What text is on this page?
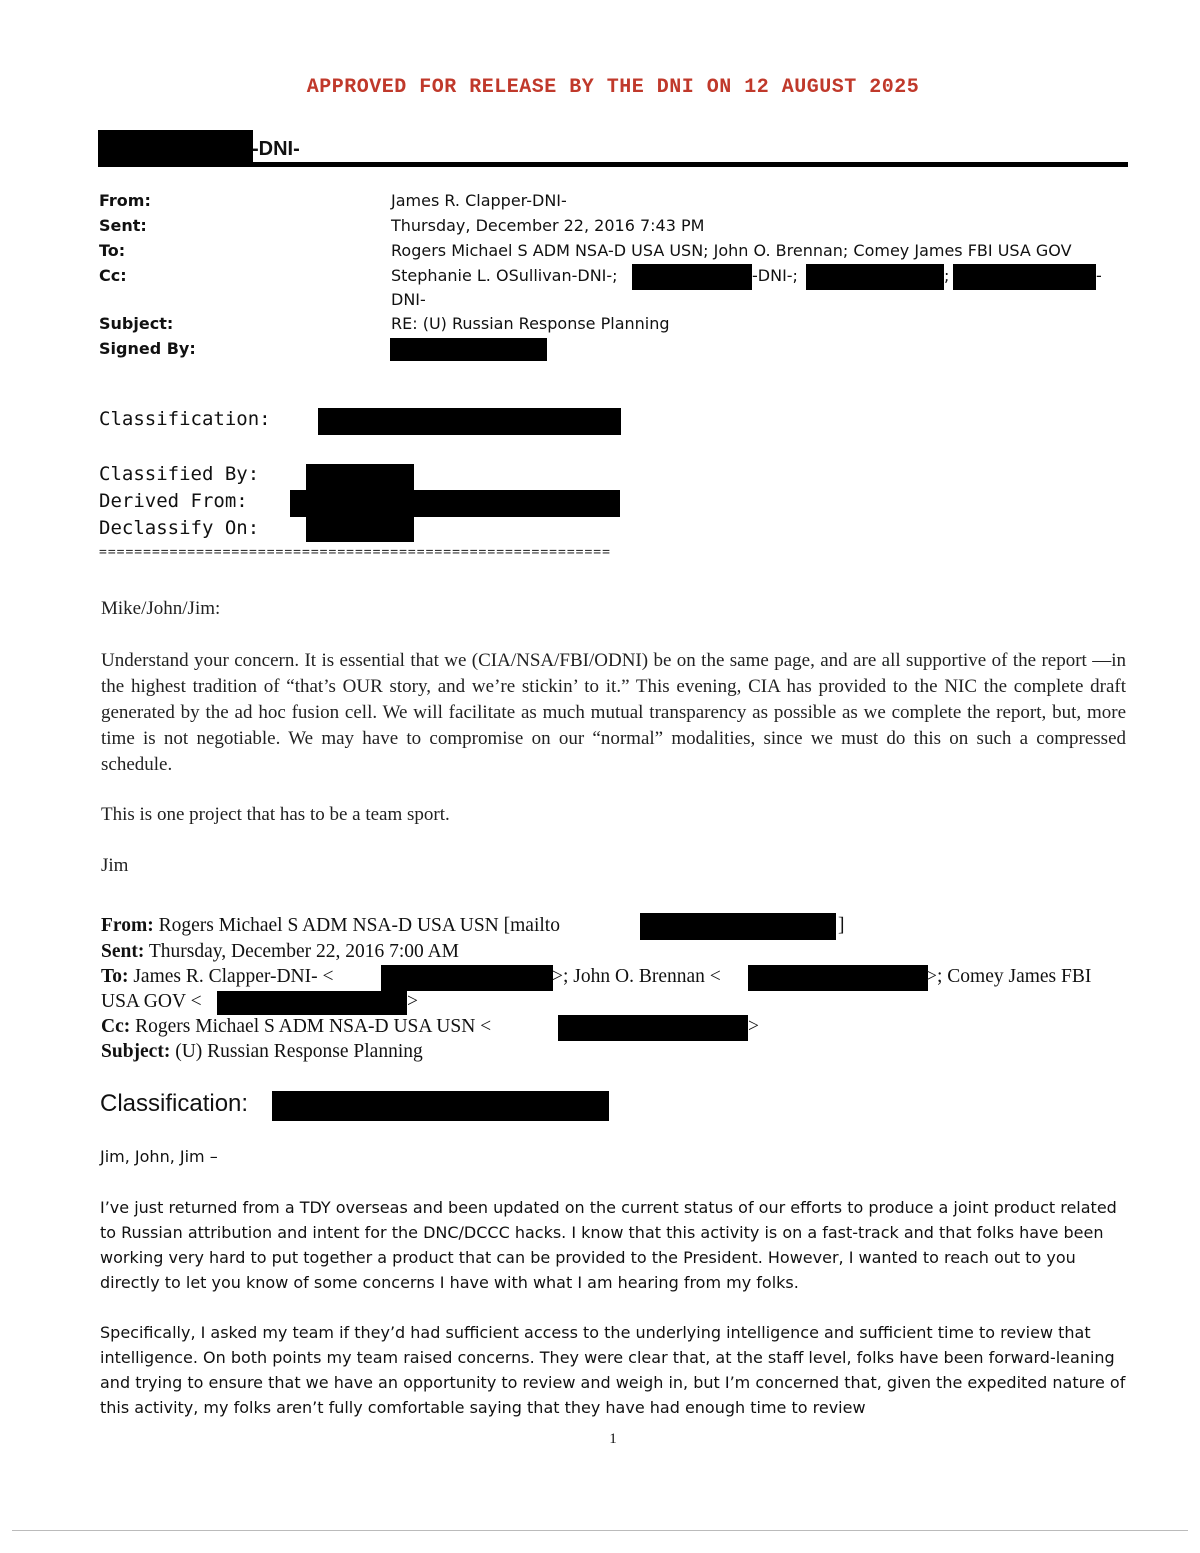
APPROVED FOR RELEASE BY THE DNI ON 12 AUGUST 2025
-DNI-
From:	James R. Clapper-DNI-
Sent:	Thursday, December 22, 2016 7:43 PM
To:	Rogers Michael S ADM NSA-D USA USN; John O. Brennan; Comey James FBI USA GOV
Cc:	Stephanie L. OSullivan-DNI-;	-DNI-;	;	-
DNI-
Subject:	RE: (U) Russian Response Planning
Signed By:
Classification:
Classified By:
Derived From:
Declassify On:
==========================================================
Mike/John/Jim:
Understand your concern. It is essential that we (CIA/NSA/FBI/ODNI) be on the same page, and are all supportive of the report —in the highest tradition of “that’s OUR story, and we’re stickin’ to it.” This evening, CIA has provided to the NIC the complete draft generated by the ad hoc fusion cell. We will facilitate as much mutual transparency as possible as we complete the report, but, more time is not negotiable. We may have to compromise on our “normal” modalities, since we must do this on such a compressed schedule.
This is one project that has to be a team sport.
Jim
From: Rogers Michael S ADM NSA-D USA USN [mailto	]
Sent: Thursday, December 22, 2016 7:00 AM
To: James R. Clapper-DNI- <	>; John O. Brennan <	>; Comey James FBI
USA GOV <	>
Cc: Rogers Michael S ADM NSA-D USA USN <	>
Subject: (U) Russian Response Planning
Classification:
Jim, John, Jim –
I’ve just returned from a TDY overseas and been updated on the current status of our efforts to produce a joint product related to Russian attribution and intent for the DNC/DCCC hacks. I know that this activity is on a fast-track and that folks have been working very hard to put together a product that can be provided to the President. However, I wanted to reach out to you directly to let you know of some concerns I have with what I am hearing from my folks.
Specifically, I asked my team if they’d had sufficient access to the underlying intelligence and sufficient time to review that intelligence. On both points my team raised concerns. They were clear that, at the staff level, folks have been forward-leaning and trying to ensure that we have an opportunity to review and weigh in, but I’m concerned that, given the expedited nature of this activity, my folks aren’t fully comfortable saying that they have had enough time to review
1
